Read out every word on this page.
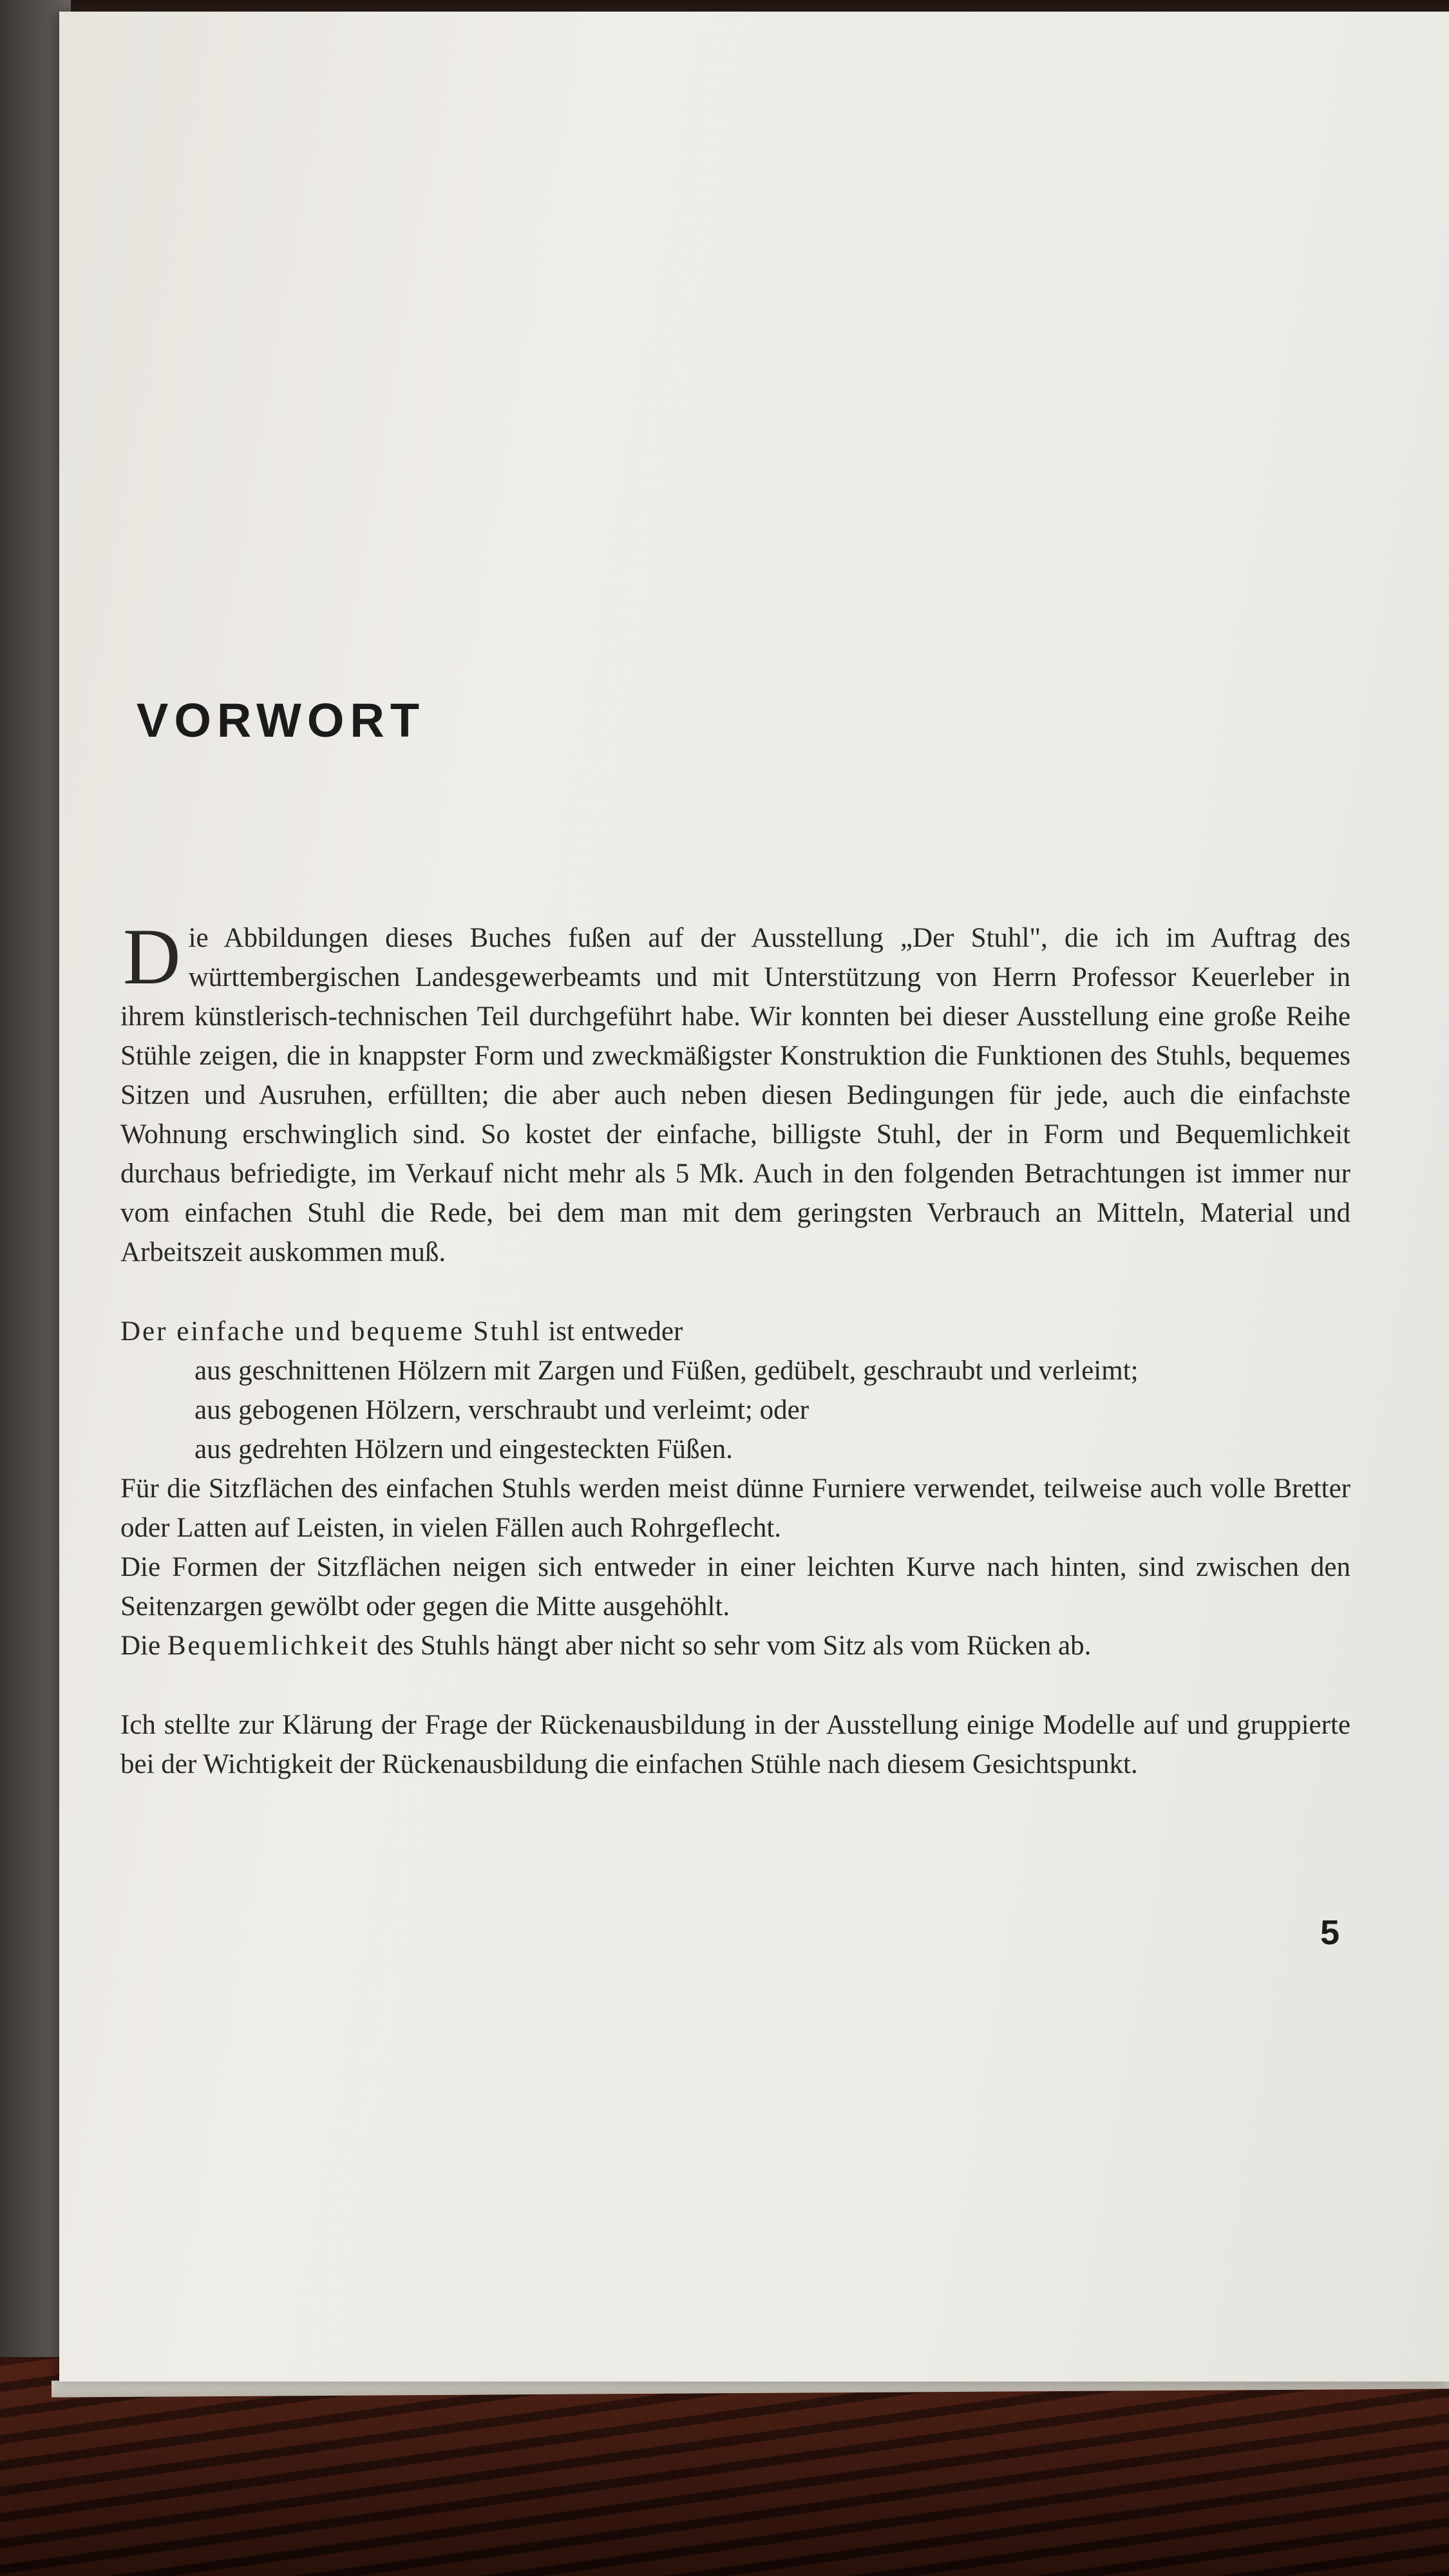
VORWORT

Die Abbildungen dieses Buches fußen auf der Ausstellung „Der Stuhl", die ich im Auftrag des württembergischen Landesgewerbeamts und mit Unterstützung von Herrn Professor Keuerleber in ihrem künstlerisch-technischen Teil durchgeführt habe. Wir konnten bei dieser Ausstellung eine große Reihe Stühle zeigen, die in knappster Form und zweckmäßigster Konstruktion die Funktionen des Stuhls, bequemes Sitzen und Ausruhen, erfüllten; die aber auch neben diesen Bedingungen für jede, auch die einfachste Wohnung erschwinglich sind. So kostet der einfache, billigste Stuhl, der in Form und Bequemlichkeit durchaus befriedigte, im Verkauf nicht mehr als 5 Mk. Auch in den folgenden Betrachtungen ist immer nur vom einfachen Stuhl die Rede, bei dem man mit dem geringsten Verbrauch an Mitteln, Material und Arbeitszeit auskommen muß.

Der einfache und bequeme Stuhl ist entweder

aus geschnittenen Hölzern mit Zargen und Füßen, gedübelt, geschraubt und verleimt;

aus gebogenen Hölzern, verschraubt und verleimt; oder

aus gedrehten Hölzern und eingesteckten Füßen.

Für die Sitzflächen des einfachen Stuhls werden meist dünne Furniere verwendet, teilweise auch volle Bretter oder Latten auf Leisten, in vielen Fällen auch Rohrgeflecht.

Die Formen der Sitzflächen neigen sich entweder in einer leichten Kurve nach hinten, sind zwischen den Seitenzargen gewölbt oder gegen die Mitte ausgehöhlt.

Die Bequemlichkeit des Stuhls hängt aber nicht so sehr vom Sitz als vom Rücken ab.

Ich stellte zur Klärung der Frage der Rückenausbildung in der Ausstellung einige Modelle auf und gruppierte bei der Wichtigkeit der Rückenausbildung die einfachen Stühle nach diesem Gesichtspunkt.

5
